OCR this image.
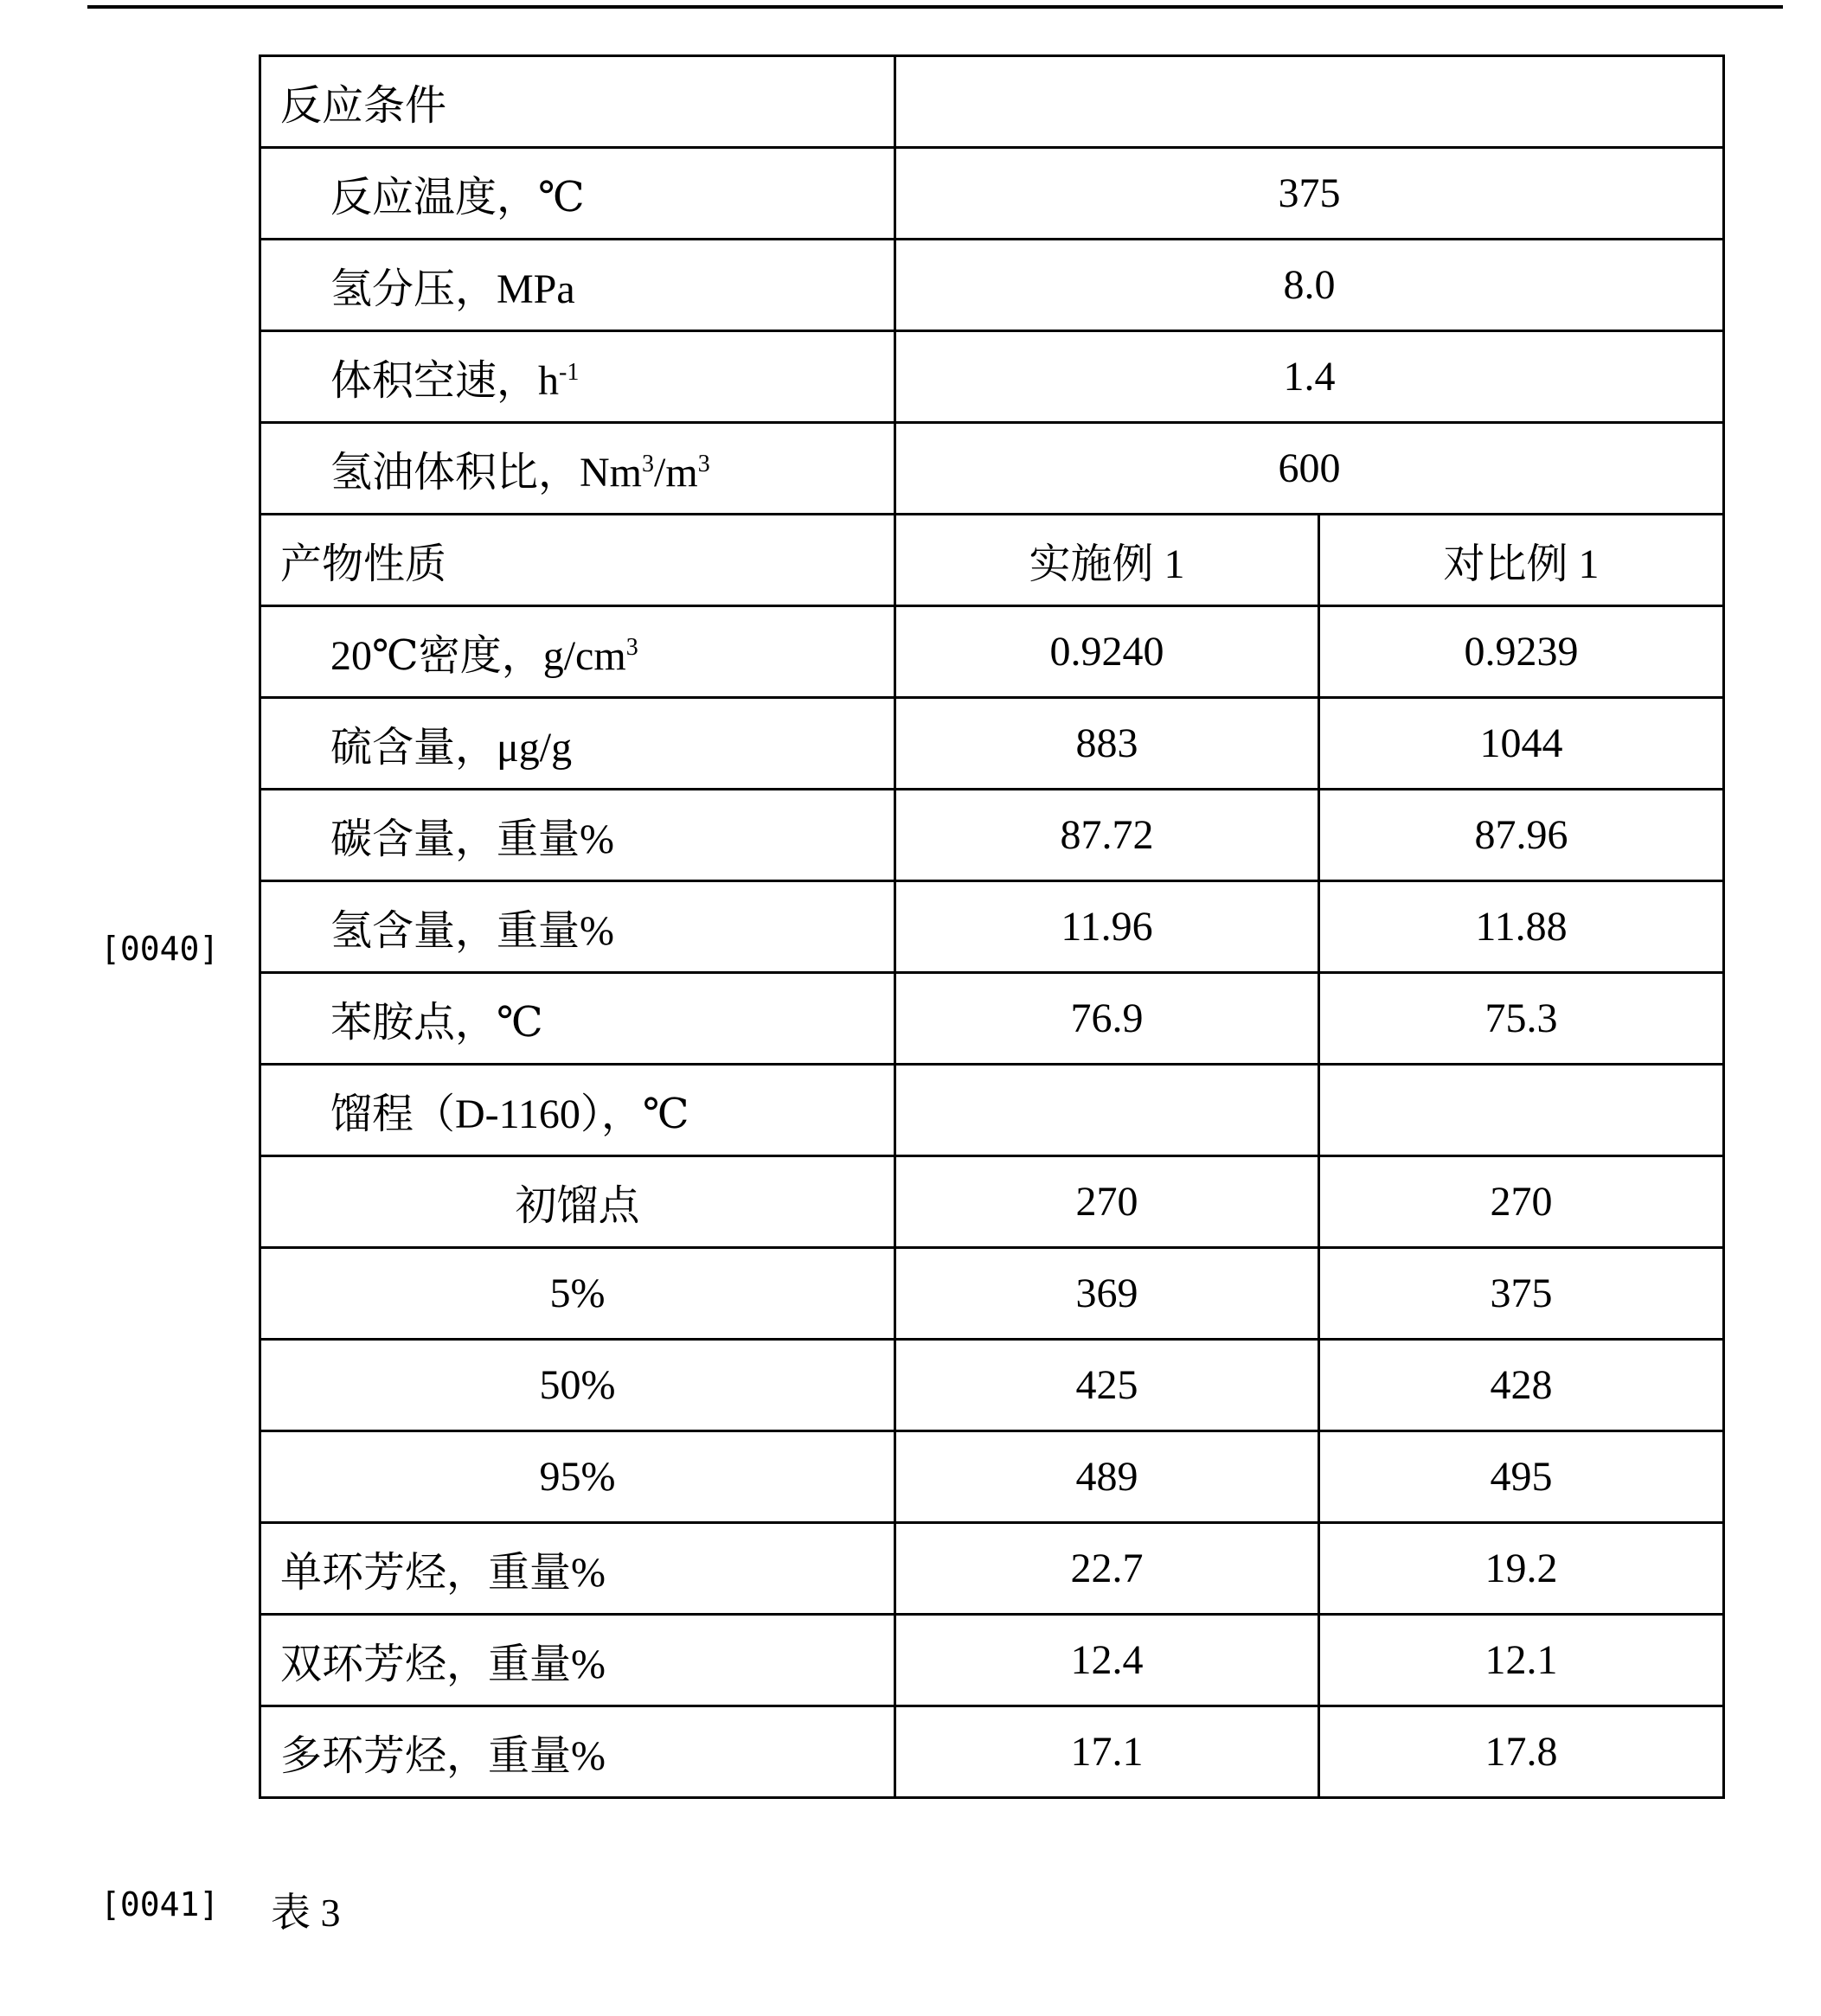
[0040]
[0041] 表 3
反应条件		
反应温度，℃	375	
氢分压，MPa	8.0	
体积空速，$h^{-1}$	1.4	
氢油体积比，$Nm^3/m^3$	600	
产物性质	实施例 1	对比例 1
20℃密度，$g/cm^3$	0.9240	0.9239
硫含量，μg/g	883	1044
碳含量，重量%	87.72	87.96
氢含量，重量%	11.96	11.88
苯胺点，℃	76.9	75.3
馏程（D-1160），℃		
初馏点	270	270
5%	369	375
50%	425	428
95%	489	495
单环芳烃，重量%	22.7	19.2
双环芳烃，重量%	12.4	12.1
多环芳烃，重量%	17.1	17.8
